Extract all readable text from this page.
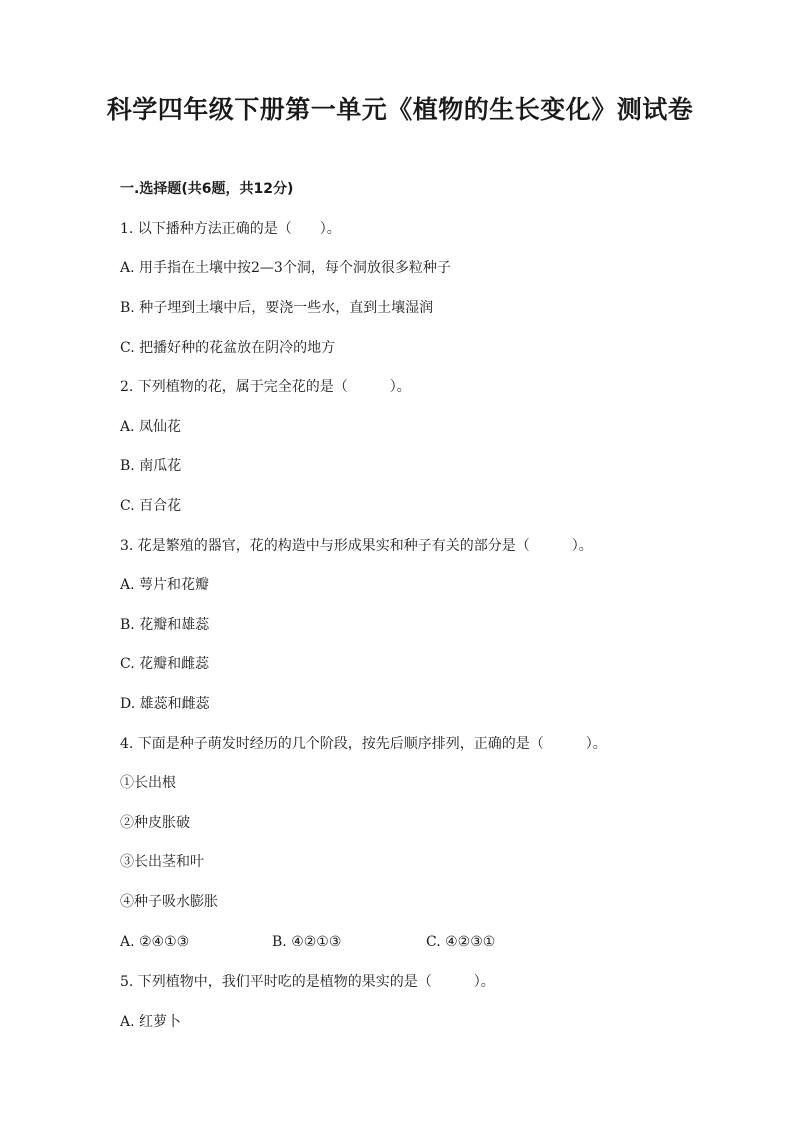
科学四年级下册第一单元《植物的生长变化》测试卷

一.选择题(共6题，共12分)

1. 以下播种方法正确的是（　　）。

A. 用手指在土壤中按2—3个洞，每个洞放很多粒种子

B. 种子埋到土壤中后，要浇一些水，直到土壤湿润

C. 把播好种的花盆放在阴冷的地方

2. 下列植物的花，属于完全花的是（　　　）。

A. 凤仙花

B. 南瓜花

C. 百合花

3. 花是繁殖的器官，花的构造中与形成果实和种子有关的部分是（　　　）。

A. 萼片和花瓣

B. 花瓣和雄蕊

C. 花瓣和雌蕊

D. 雄蕊和雌蕊

4. 下面是种子萌发时经历的几个阶段，按先后顺序排列，正确的是（　　　）。

①长出根

②种皮胀破

③长出茎和叶

④种子吸水膨胀

A. ②④①③	B. ④②①③	C. ④②③①

5. 下列植物中，我们平时吃的是植物的果实的是（　　　）。

A. 红萝卜
